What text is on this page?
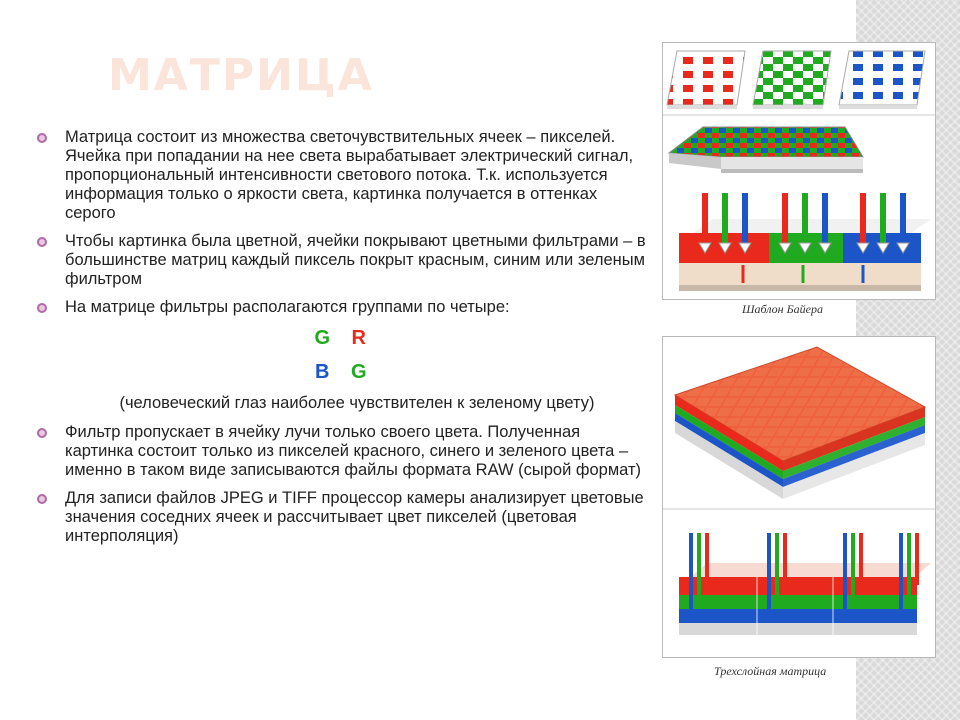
МАТРИЦА
Матрица состоит из множества светочувствительных ячеек – пикселей. Ячейка при попадании на нее света вырабатывает электрический сигнал, пропорциональный интенсивности светового потока. Т.к. используется информация только о яркости света, картинка получается в оттенках серого
Чтобы картинка была цветной, ячейки покрывают цветными фильтрами – в большинстве матриц каждый пиксель покрыт красным, синим или зеленым фильтром
На матрице фильтры располагаются группами по четыре:
G R
B G
(человеческий глаз наиболее чувствителен к зеленому цвету)
Фильтр пропускает в ячейку лучи только своего цвета. Полученная картинка состоит только из пикселей красного, синего и зеленого цвета – именно в таком виде записываются файлы формата RAW (сырой формат)
Для записи файлов JPEG и TIFF процессор камеры анализирует цветовые значения соседних ячеек и рассчитывает цвет пикселей (цветовая интерполяция)
Шаблон Байера
Трехслойная матрица
